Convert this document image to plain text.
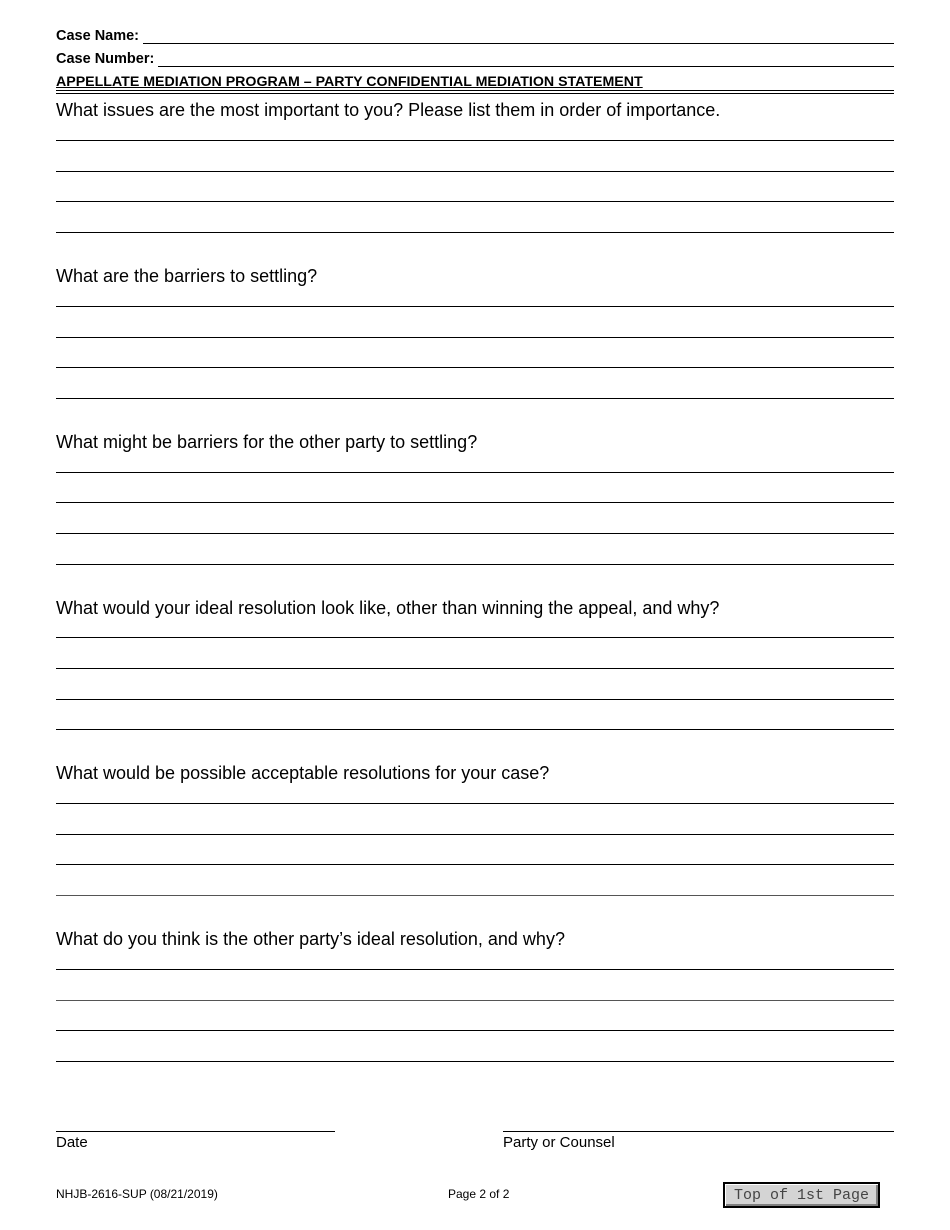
Case Name:
Case Number:
APPELLATE MEDIATION PROGRAM – PARTY CONFIDENTIAL MEDIATION STATEMENT
What issues are the most important to you? Please list them in order of importance.
What are the barriers to settling?
What might be barriers for the other party to settling?
What would your ideal resolution look like, other than winning the appeal, and why?
What would be possible acceptable resolutions for your case?
What do you think is the other party’s ideal resolution, and why?
Date	Party or Counsel
NHJB-2616-SUP (08/21/2019)	Page 2 of 2	Top of 1st Page
